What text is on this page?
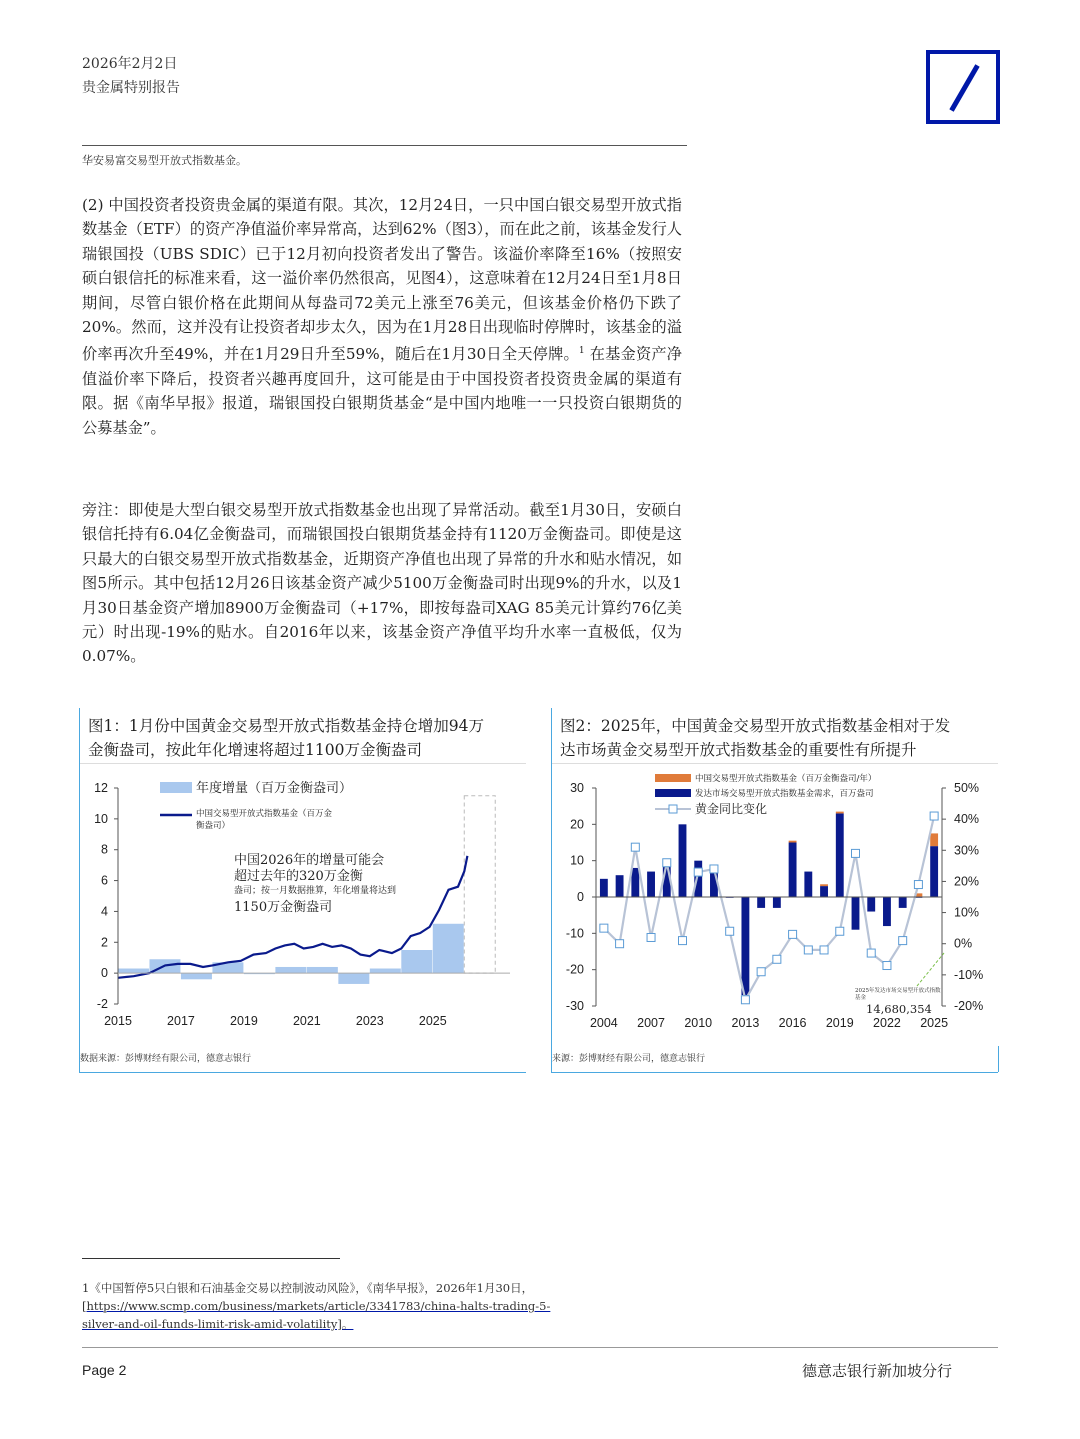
2026年2月2日
贵金属特别报告
华安易富交易型开放式指数基金。

(2) 中国投资者投资贵金属的渠道有限。其次，12月24日，一只中国白银交易型开放式指数基金（ETF）的资产净值溢价率异常高，达到62%（图3），而在此之前，该基金发行人瑞银国投（UBS SDIC）已于12月初向投资者发出了警告。该溢价率降至16%（按照安硕白银信托的标准来看，这一溢价率仍然很高，见图4），这意味着在12月24日至1月8日期间，尽管白银价格在此期间从每盎司72美元上涨至76美元，但该基金价格仍下跌了20%。然而，这并没有让投资者却步太久，因为在1月28日出现临时停牌时，该基金的溢价率再次升至49%，并在1月29日升至59%，随后在1月30日全天停牌。$^1$ 在基金资产净值溢价率下降后，投资者兴趣再度回升，这可能是由于中国投资者投资贵金属的渠道有限。据《南华早报》报道，瑞银国投白银期货基金“是中国内地唯一一只投资白银期货的公募基金”。

旁注：即使是大型白银交易型开放式指数基金也出现了异常活动。截至1月30日，安硕白银信托持有6.04亿金衡盎司，而瑞银国投白银期货基金持有1120万金衡盎司。即使是这只最大的白银交易型开放式指数基金，近期资产净值也出现了异常的升水和贴水情况，如图5所示。其中包括12月26日该基金资产减少5100万金衡盎司时出现9%的升水，以及1月30日基金资产增加8900万金衡盎司（+17%，即按每盎司XAG 85美元计算约76亿美元）时出现-19%的贴水。自2016年以来，该基金资产净值平均升水率一直极低，仅为0.07%。

图1：1月份中国黄金交易型开放式指数基金持仓增加94万
金衡盎司，按此年化增速将超过1100万金衡盎司
12
10
8
6
4
2
0
-2
2015	2017	2019	2021	2023	2025
年度增量（百万金衡盎司）
中国交易型开放式指数基金（百万金
衡盎司）
中国2026年的增量可能会
超过去年的320万金衡
盎司；按一月数据推算，年化增量将达到
1150万金衡盎司
数据来源：彭博财经有限公司，德意志银行
图2：2025年，中国黄金交易型开放式指数基金相对于发
达市场黄金交易型开放式指数基金的重要性有所提升
30
20
10
0
-10
-20
-30
50%
40%
30%
20%
10%
0%
-10%
-20%
2004 2007 2010 2013 2016 2019 2022 2025
中国交易型开放式指数基金（百万金衡盎司/年）
发达市场交易型开放式指数基金需求，百万盎司
黄金同比变化
2025年发达市场交易型开放式指数
基金
14,680,354
来源：彭博财经有限公司，德意志银行
1《中国暂停5只白银和石油基金交易以控制波动风险》，《南华早报》，2026年1月30日，
[https://www.scmp.com/business/markets/article/3341783/china-halts-trading-5-silver-and-oil-funds-limit-risk-amid-volatility]。
Page 2	德意志银行新加坡分行
